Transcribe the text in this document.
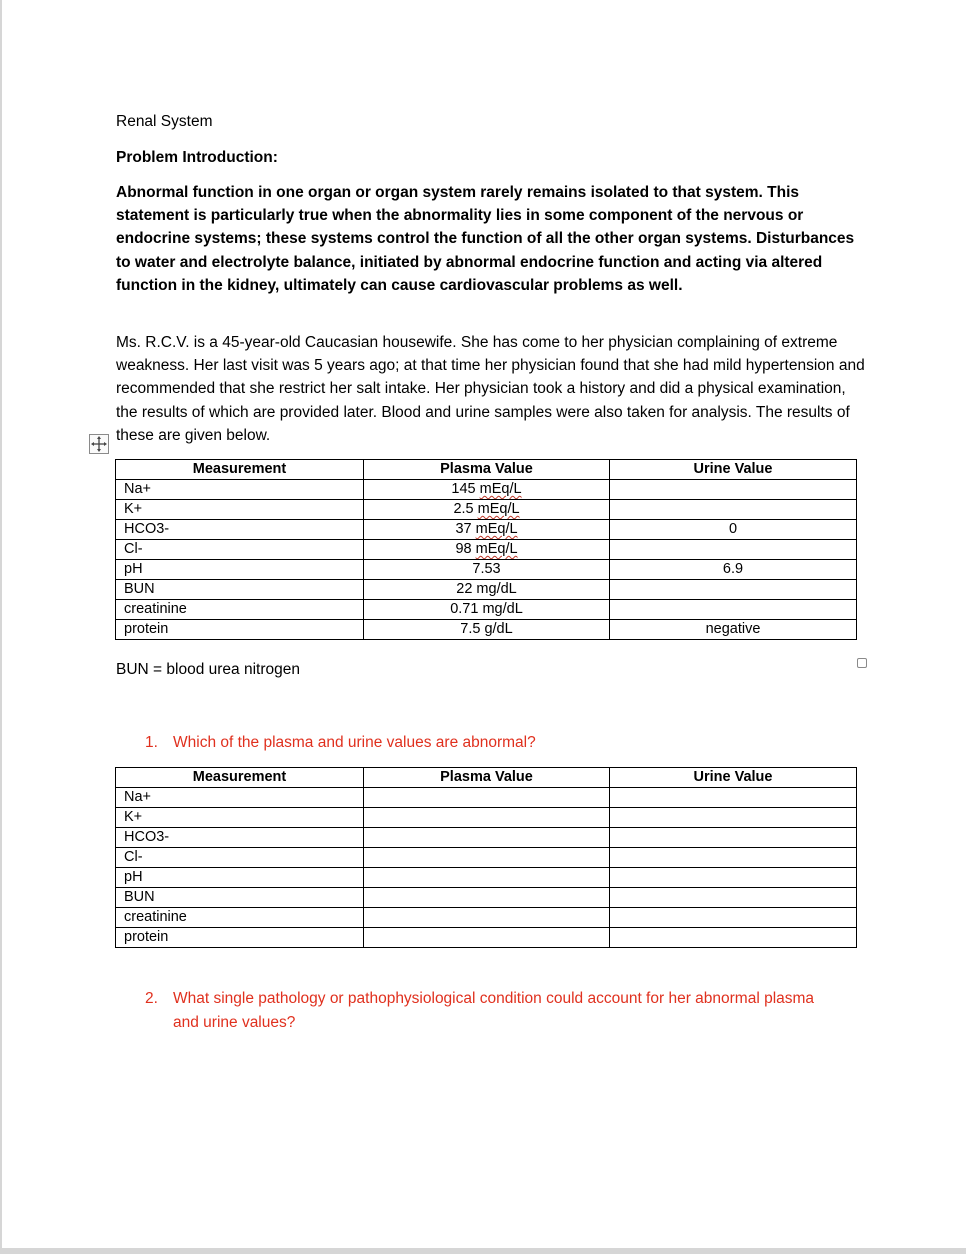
Renal System
Problem Introduction:

Abnormal function in one organ or organ system rarely remains isolated to that system. This statement is particularly true when the abnormality lies in some component of the nervous or endocrine systems; these systems control the function of all the other organ systems. Disturbances to water and electrolyte balance, initiated by abnormal endocrine function and acting via altered function in the kidney, ultimately can cause cardiovascular problems as well.

Ms. R.C.V. is a 45-year-old Caucasian housewife. She has come to her physician complaining of extreme weakness. Her last visit was 5 years ago; at that time her physician found that she had mild hypertension and recommended that she restrict her salt intake. Her physician took a history and did a physical examination, the results of which are provided later. Blood and urine samples were also taken for analysis. The results of these are given below.

Measurement	Plasma Value	Urine Value
Na+	145 mEq/L	
K+	2.5 mEq/L	
HCO3-	37 mEq/L	0
Cl-	98 mEq/L	
pH	7.53	6.9
BUN	22 mg/dL	
creatinine	0.71 mg/dL	
protein	7.5 g/dL	negative
BUN = blood urea nitrogen
1. Which of the plasma and urine values are abnormal?
Measurement	Plasma Value	Urine Value
Na+		
K+		
HCO3-		
Cl-		
pH		
BUN		
creatinine		
protein		
2. What single pathology or pathophysiological condition could account for her abnormal plasma and urine values?
